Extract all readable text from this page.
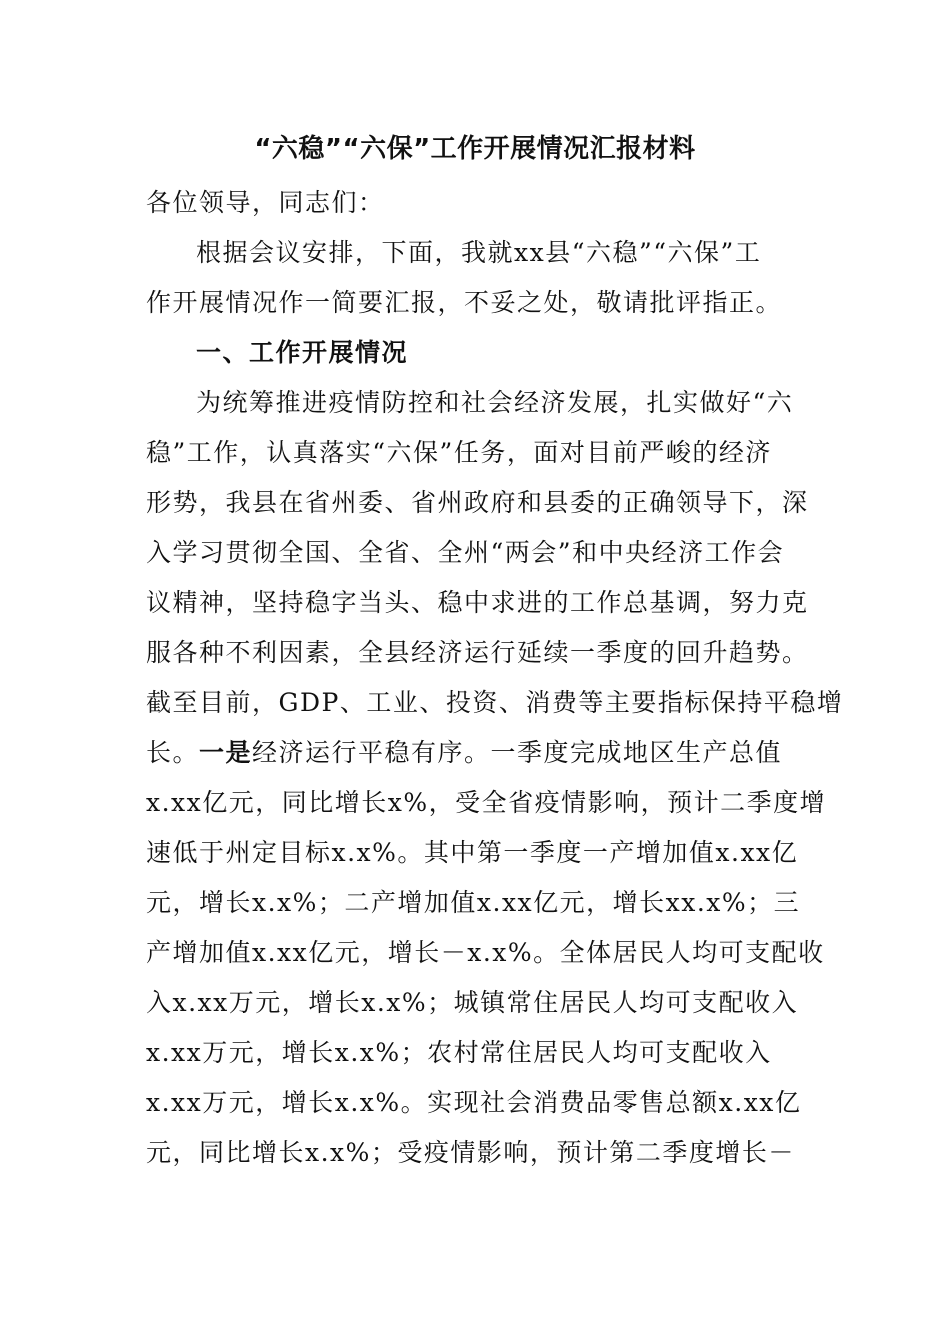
“六稳”“六保”工作开展情况汇报材料
各位领导，同志们：
根据会议安排，下面，我就xx县“六稳”“六保”工
作开展情况作一简要汇报，不妥之处，敬请批评指正。
一、工作开展情况
为统筹推进疫情防控和社会经济发展，扎实做好“六
稳”工作，认真落实“六保”任务，面对目前严峻的经济
形势，我县在省州委、省州政府和县委的正确领导下，深
入学习贯彻全国、全省、全州“两会”和中央经济工作会
议精神，坚持稳字当头、稳中求进的工作总基调，努力克
服各种不利因素，全县经济运行延续一季度的回升趋势。
截至目前，GDP、工业、投资、消费等主要指标保持平稳增
长。一是经济运行平稳有序。一季度完成地区生产总值
x.xx亿元，同比增长x%，受全省疫情影响，预计二季度增
速低于州定目标x.x%。其中第一季度一产增加值x.xx亿
元，增长x.x%；二产增加值x.xx亿元，增长xx.x%；三
产增加值x.xx亿元，增长－x.x%。全体居民人均可支配收
入x.xx万元，增长x.x%；城镇常住居民人均可支配收入
x.xx万元，增长x.x%；农村常住居民人均可支配收入
x.xx万元，增长x.x%。实现社会消费品零售总额x.xx亿
元，同比增长x.x%；受疫情影响，预计第二季度增长－
